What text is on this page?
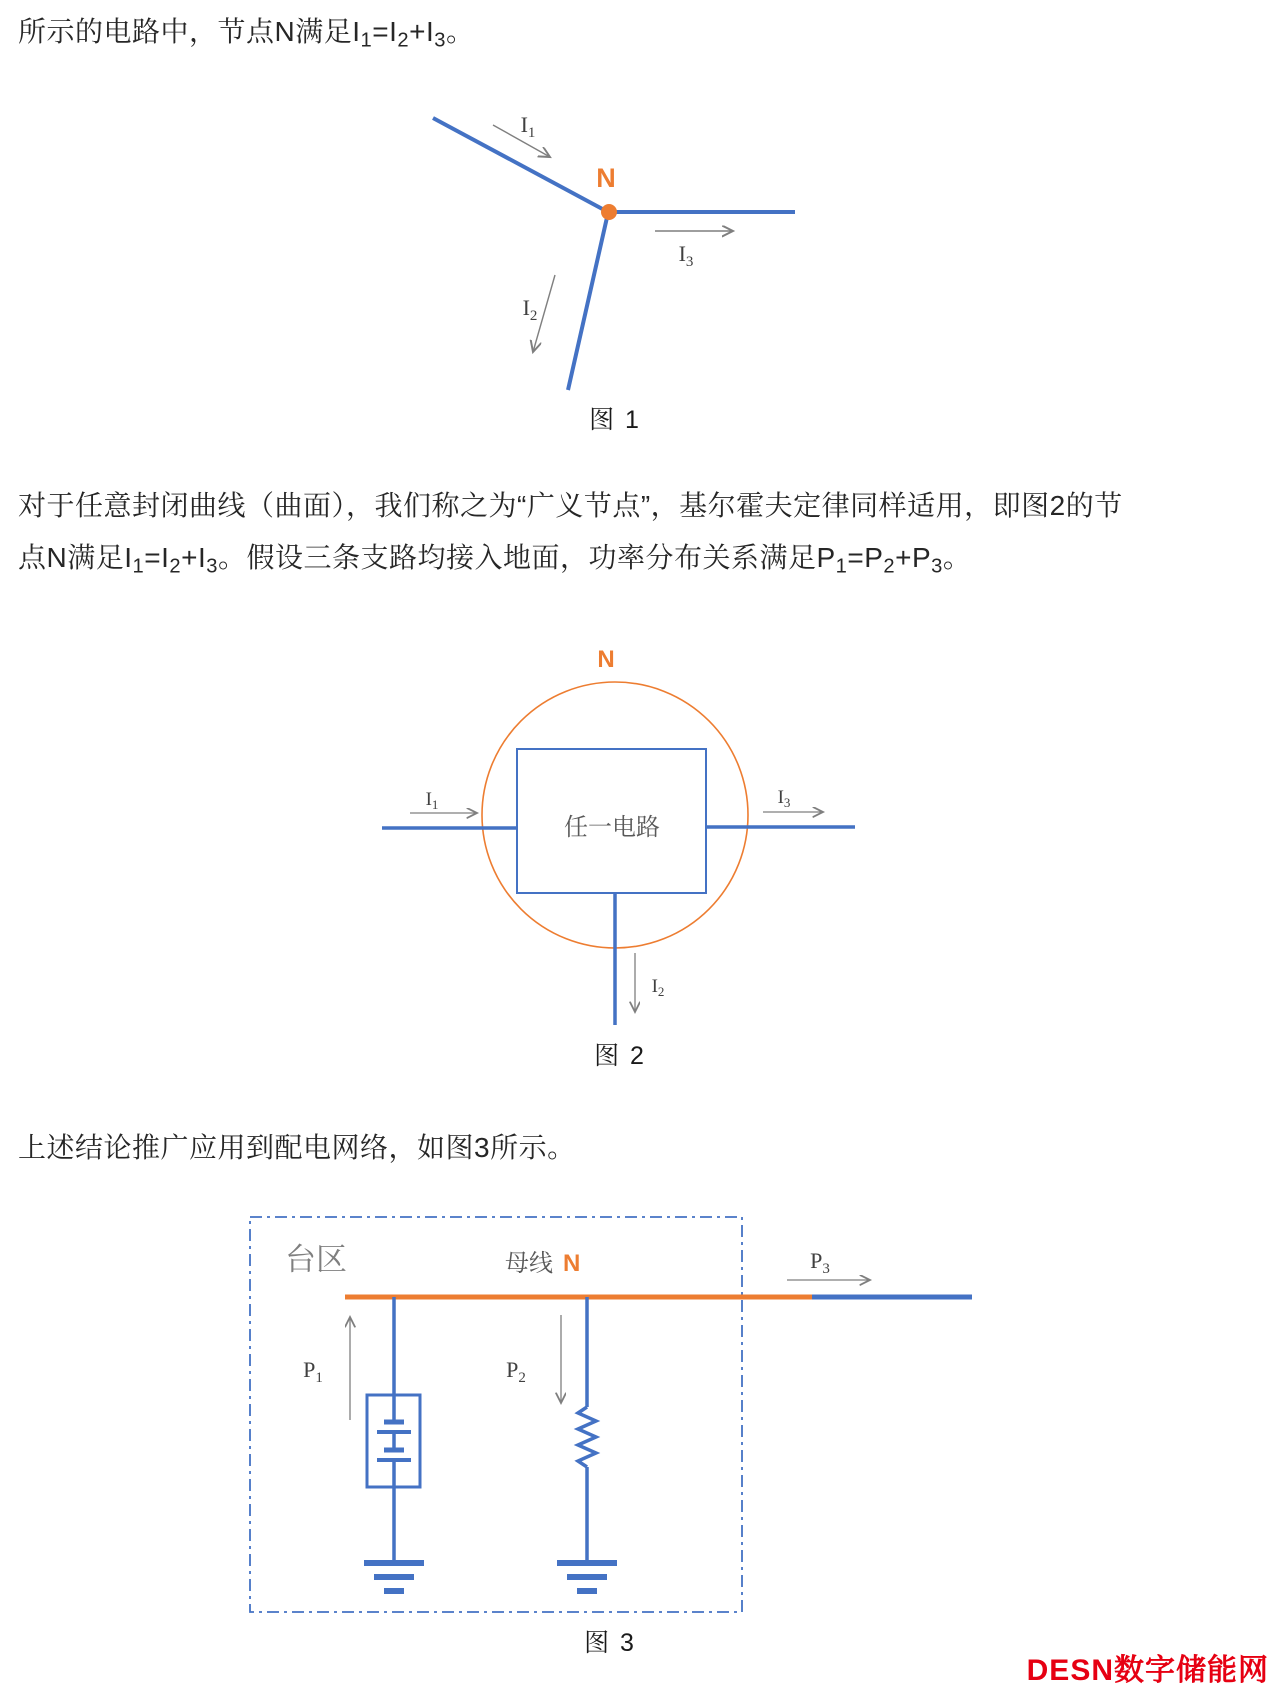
所示的电路中，节点N满足$I_1=I_2+I_3$。
N
$I_1$
$I_3$
$I_2$
图 1
对于任意封闭曲线（曲面），我们称之为“广义节点”，基尔霍夫定律同样适用，即图2的节
点N满足$I_1=I_2+I_3$。假设三条支路均接入地面，功率分布关系满足$P_1=P_2+P_3$。
任一电路
N
$I_1$	$I_3$
$I_2$
图 2
上述结论推广应用到配电网络，如图3所示。
台区	母线 N
$P_1$	$P_2$
$P_3$
图 3
DESN数字储能网
